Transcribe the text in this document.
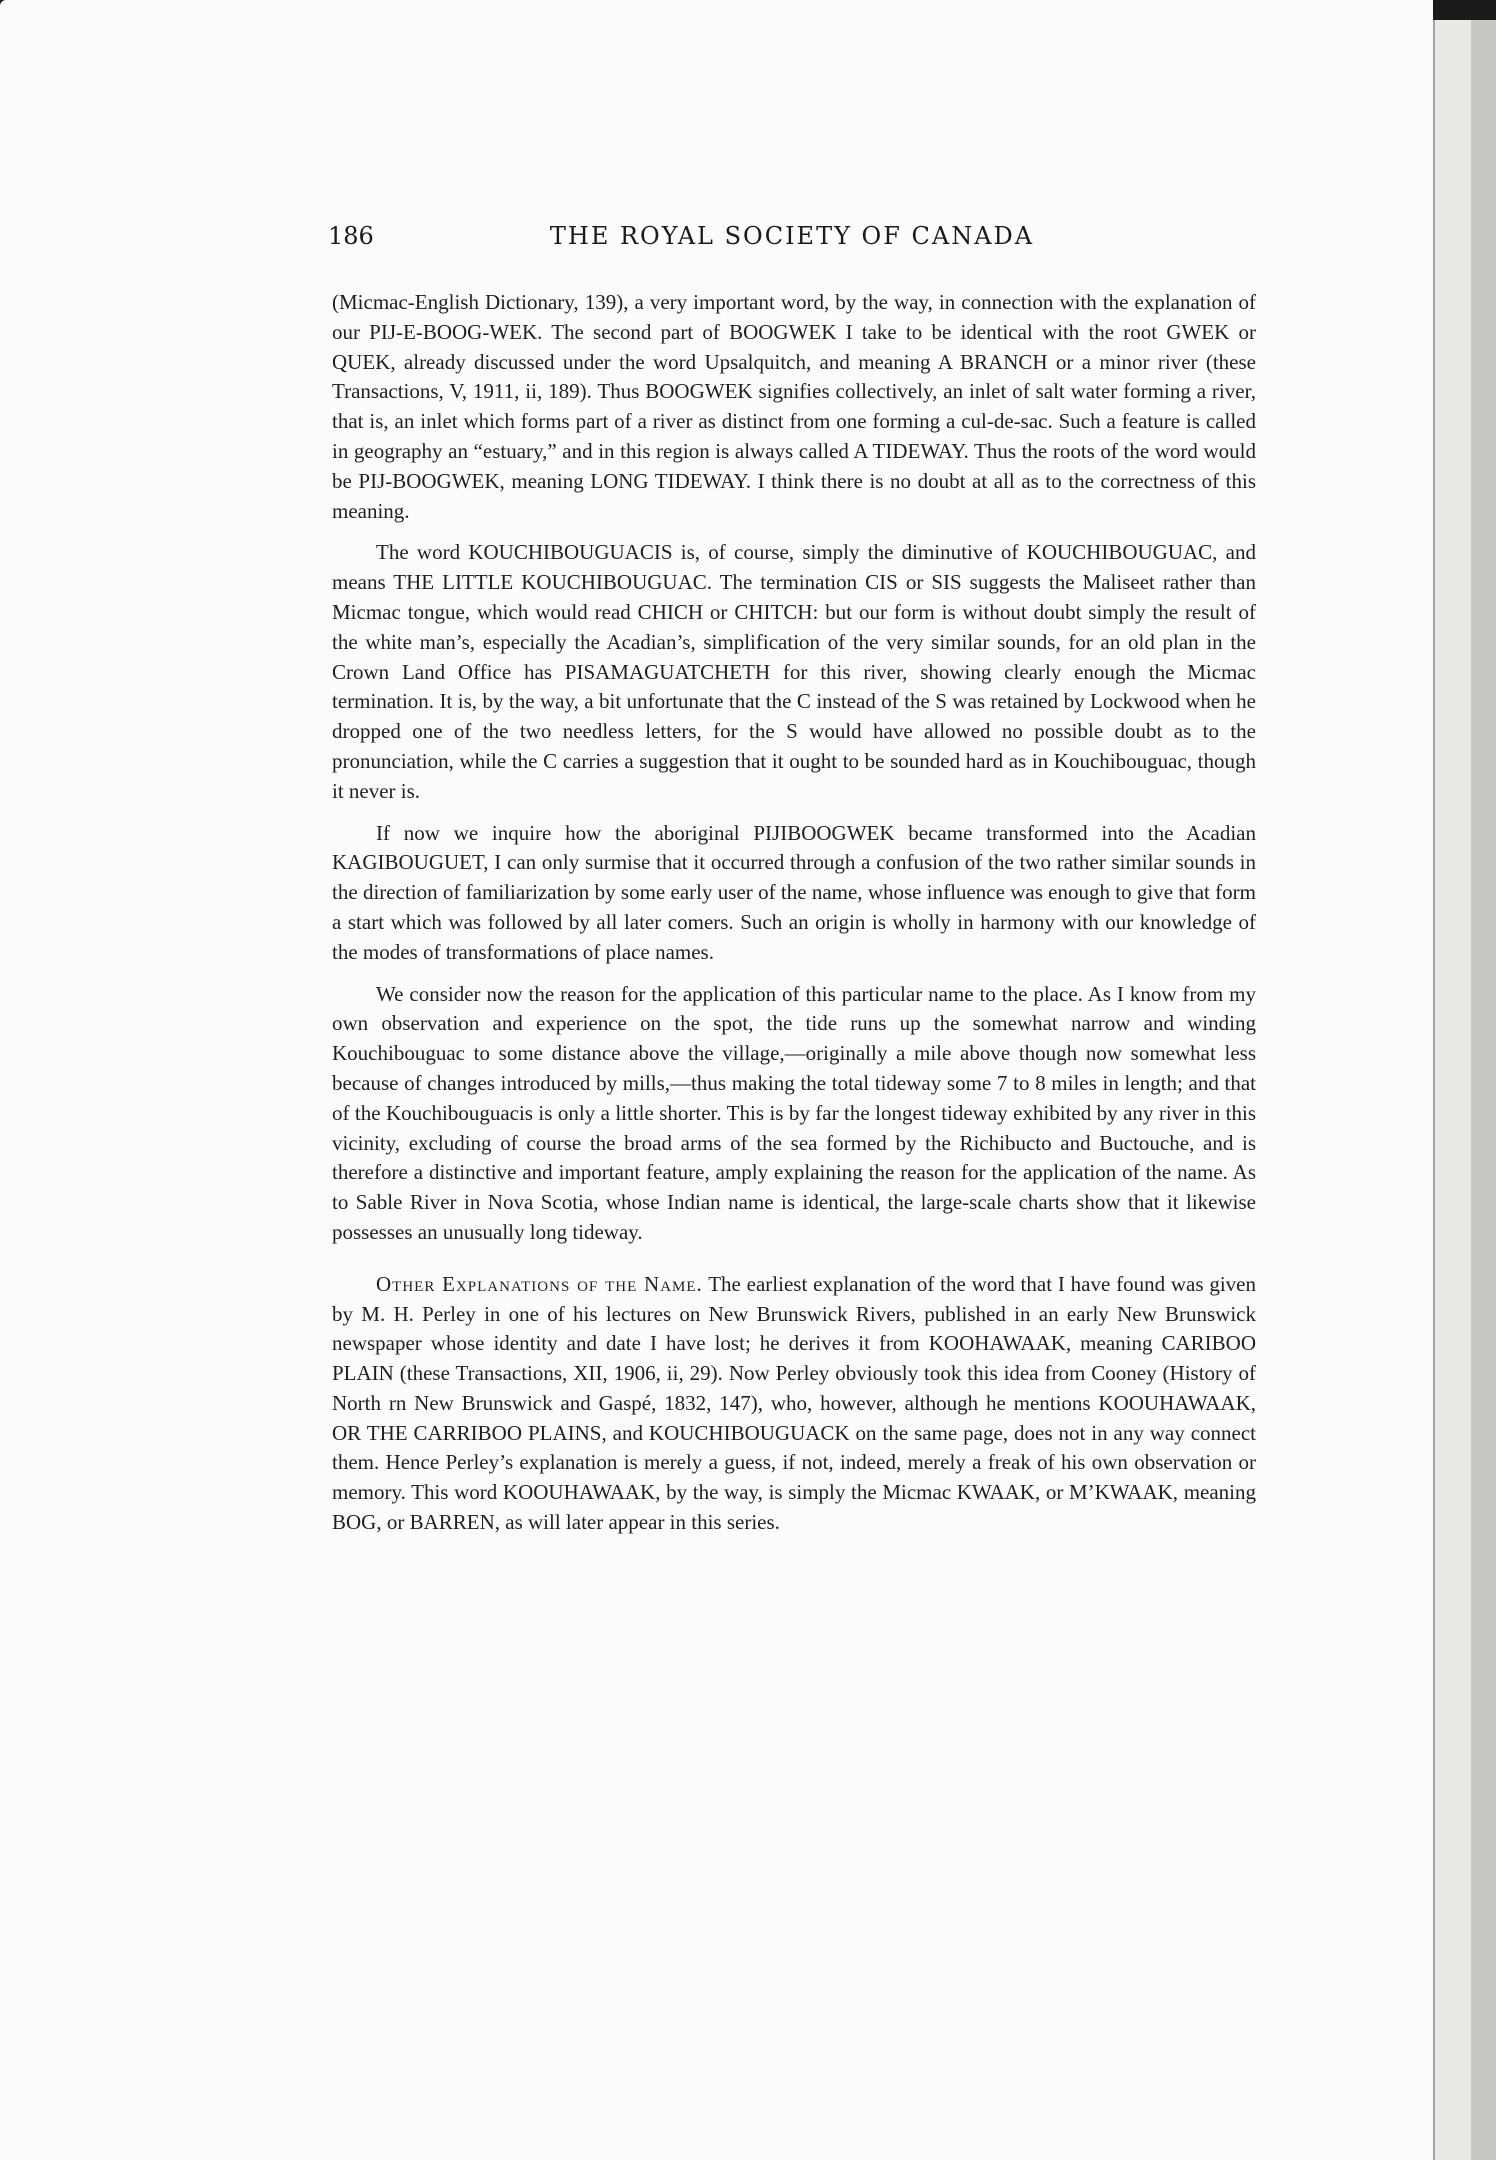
186	THE ROYAL SOCIETY OF CANADA

(Micmac-English Dictionary, 139), a very important word, by the way, in connection with the explanation of our PIJ-E-BOOG-WEK. The second part of BOOGWEK I take to be identical with the root GWEK or QUEK, already discussed under the word Upsalquitch, and meaning A BRANCH or a minor river (these Transactions, V, 1911, ii, 189). Thus BOOGWEK signifies collectively, an inlet of salt water forming a river, that is, an inlet which forms part of a river as distinct from one forming a cul-de-sac. Such a feature is called in geography an “estuary,” and in this region is always called A TIDEWAY. Thus the roots of the word would be PIJ-BOOGWEK, meaning LONG TIDEWAY. I think there is no doubt at all as to the correctness of this meaning.

The word KOUCHIBOUGUACIS is, of course, simply the diminutive of KOUCHIBOUGUAC, and means THE LITTLE KOUCHIBOUGUAC. The termination CIS or SIS suggests the Maliseet rather than Micmac tongue, which would read CHICH or CHITCH: but our form is without doubt simply the result of the white man’s, especially the Acadian’s, simplification of the very similar sounds, for an old plan in the Crown Land Office has PISAMAGUATCHETH for this river, showing clearly enough the Micmac termination. It is, by the way, a bit unfortunate that the C instead of the S was retained by Lockwood when he dropped one of the two needless letters, for the S would have allowed no possible doubt as to the pronunciation, while the C carries a suggestion that it ought to be sounded hard as in Kouchibouguac, though it never is.

If now we inquire how the aboriginal PIJIBOOGWEK became transformed into the Acadian KAGIBOUGUET, I can only surmise that it occurred through a confusion of the two rather similar sounds in the direction of familiarization by some early user of the name, whose influence was enough to give that form a start which was followed by all later comers. Such an origin is wholly in harmony with our knowledge of the modes of transformations of place names.

We consider now the reason for the application of this particular name to the place. As I know from my own observation and experience on the spot, the tide runs up the somewhat narrow and winding Kouchibouguac to some distance above the village,—originally a mile above though now somewhat less because of changes introduced by mills,—thus making the total tideway some 7 to 8 miles in length; and that of the Kouchibouguacis is only a little shorter. This is by far the longest tideway exhibited by any river in this vicinity, excluding of course the broad arms of the sea formed by the Richibucto and Buctouche, and is therefore a distinctive and important feature, amply explaining the reason for the application of the name. As to Sable River in Nova Scotia, whose Indian name is identical, the large-scale charts show that it likewise possesses an unusually long tideway.

Other Explanations of the Name. The earliest explanation of the word that I have found was given by M. H. Perley in one of his lectures on New Brunswick Rivers, published in an early New Brunswick newspaper whose identity and date I have lost; he derives it from KOOHAWAAK, meaning CARIBOO PLAIN (these Transactions, XII, 1906, ii, 29). Now Perley obviously took this idea from Cooney (History of North rn New Brunswick and Gaspé, 1832, 147), who, however, although he mentions KOOUHAWAAK, OR THE CARRIBOO PLAINS, and KOUCHIBOUGUACK on the same page, does not in any way connect them. Hence Perley’s explanation is merely a guess, if not, indeed, merely a freak of his own observation or memory. This word KOOUHAWAAK, by the way, is simply the Micmac KWAAK, or M’KWAAK, meaning BOG, or BARREN, as will later appear in this series.
